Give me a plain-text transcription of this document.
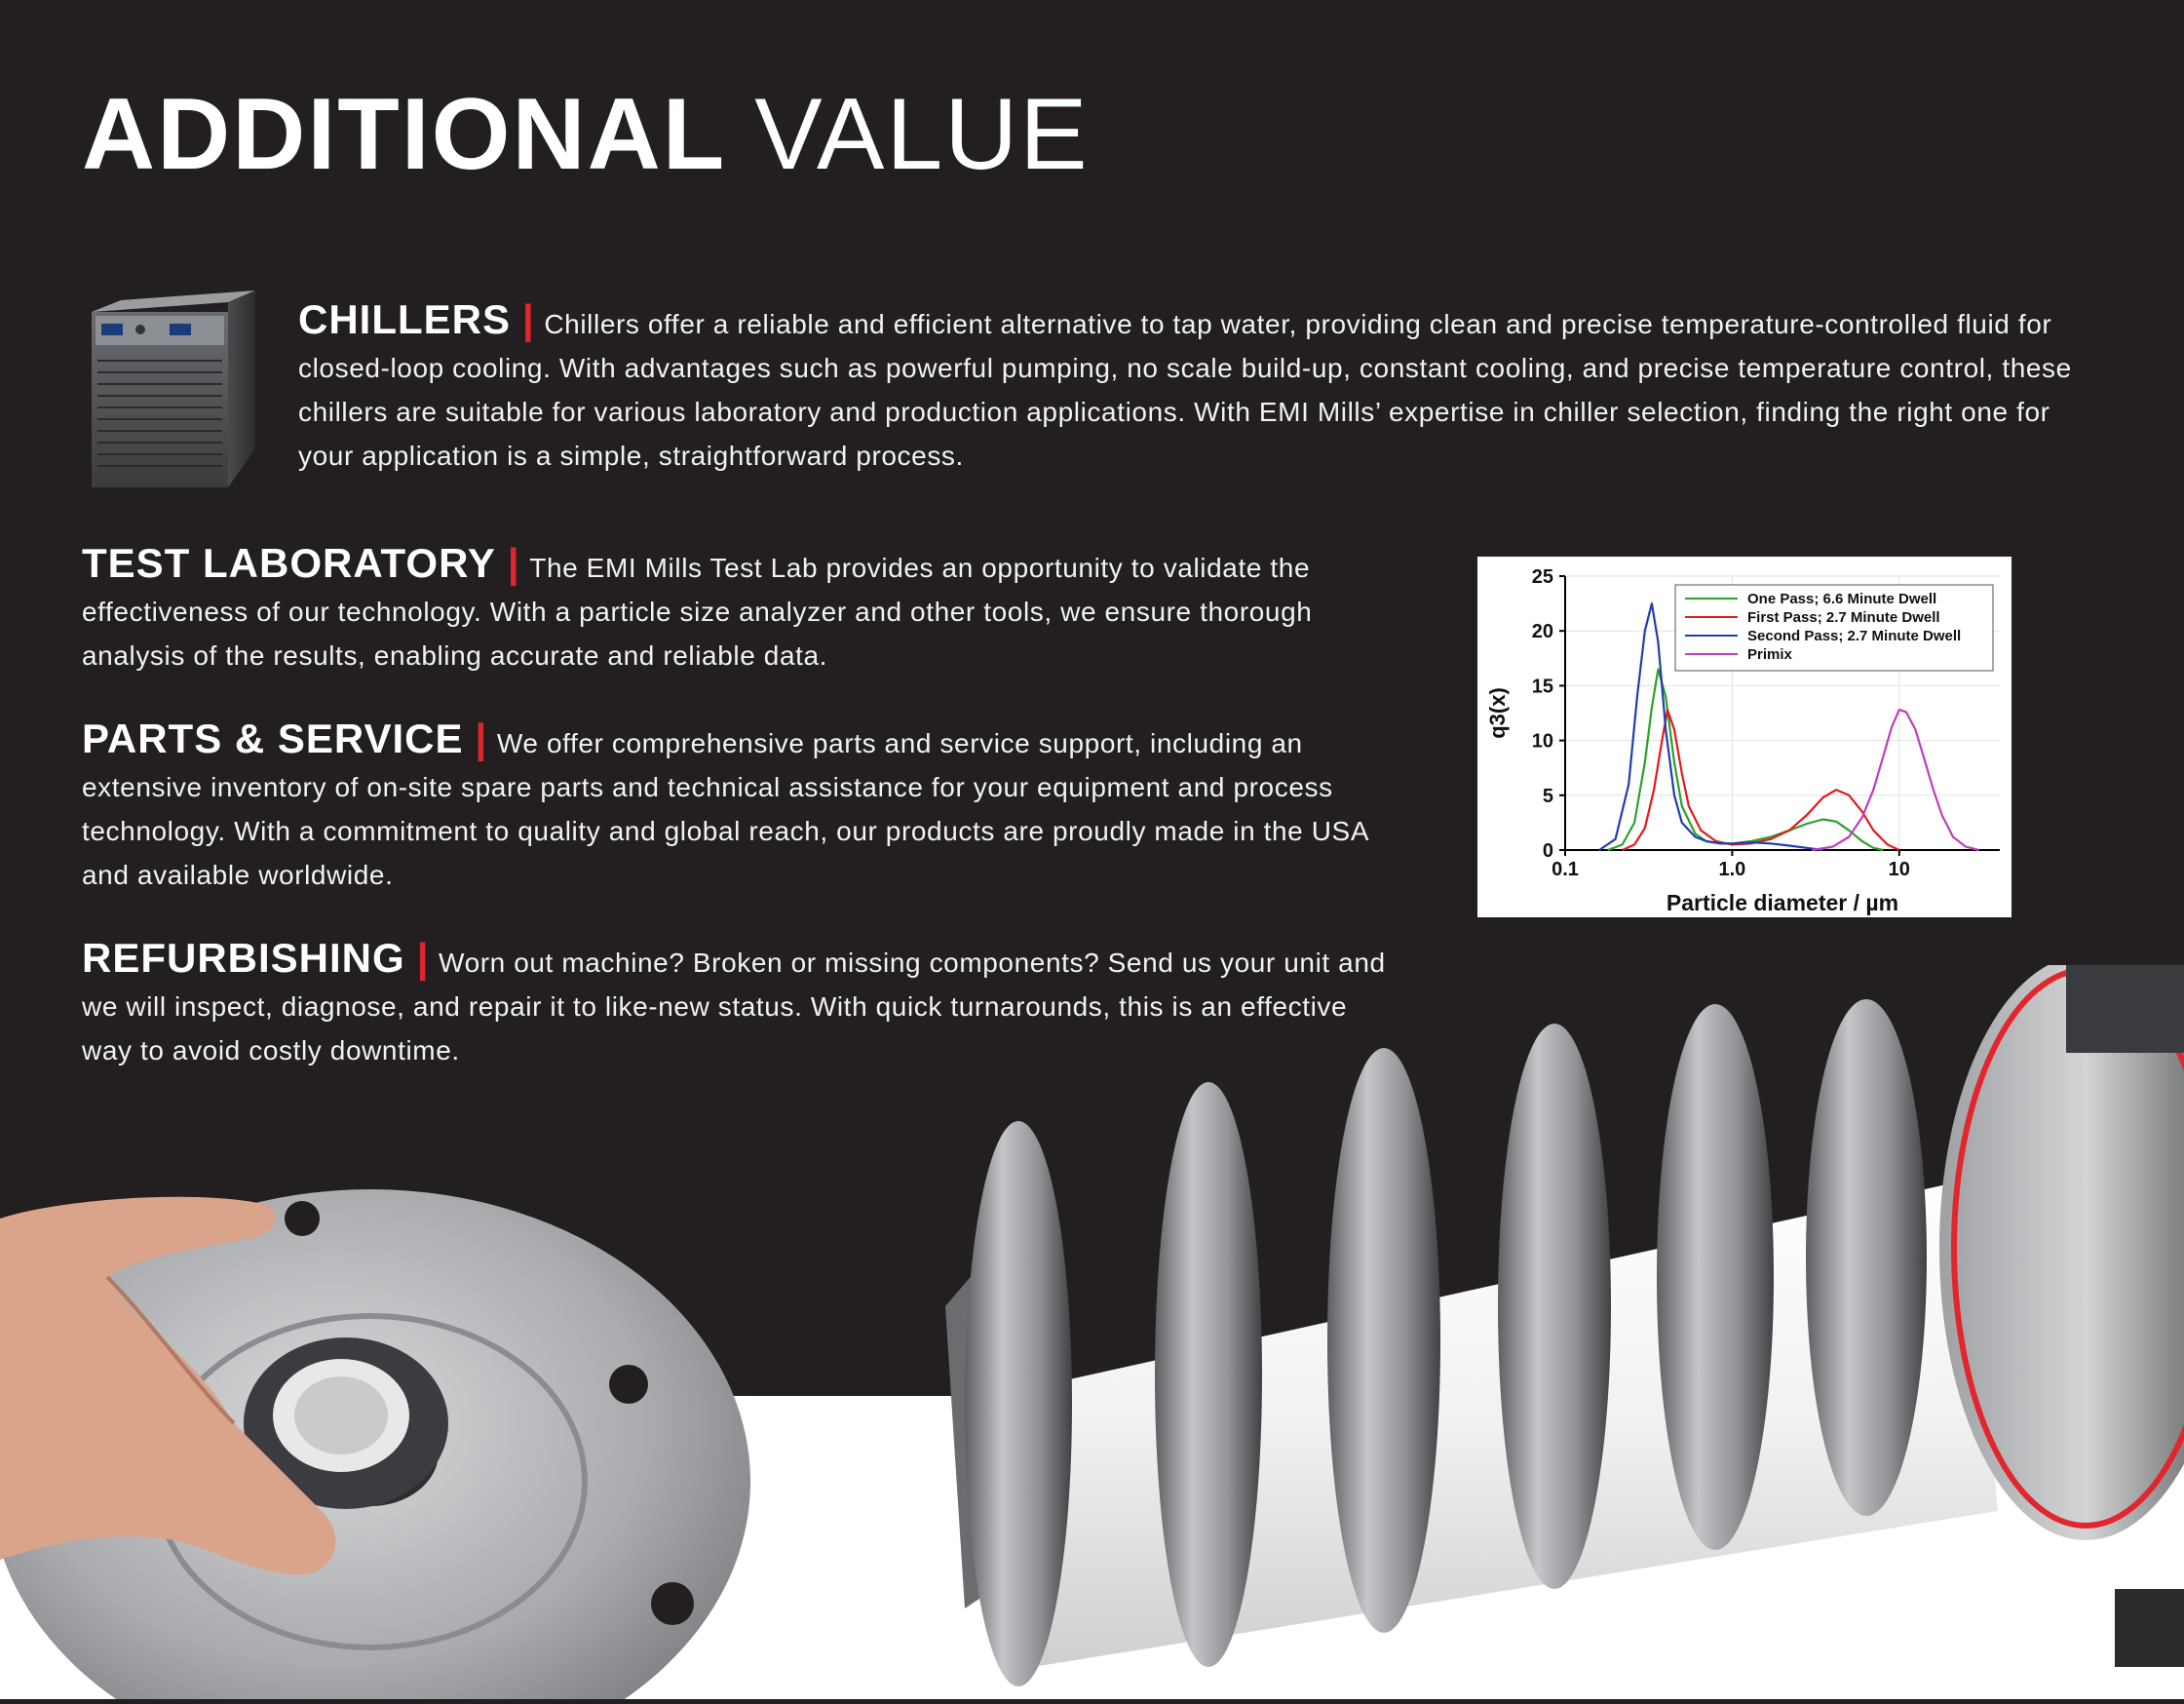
ADDITIONAL VALUE

CHILLERS | Chillers offer a reliable and efficient alternative to tap water, providing clean and precise temperature-controlled fluid for closed-loop cooling. With advantages such as powerful pumping, no scale build-up, constant cooling, and precise temperature control, these chillers are suitable for various laboratory and production applications. With EMI Mills’ expertise in chiller selection, finding the right one for your application is a simple, straightforward process.

TEST LABORATORY | The EMI Mills Test Lab provides an opportunity to validate the effectiveness of our technology. With a particle size analyzer and other tools, we ensure thorough analysis of the results, enabling accurate and reliable data.

PARTS & SERVICE | We offer comprehensive parts and service support, including an extensive inventory of on-site spare parts and technical assistance for your equipment and process technology. With a commitment to quality and global reach, our products are proudly made in the USA and available worldwide.

REFURBISHING | Worn out machine? Broken or missing components? Send us your unit and we will inspect, diagnose, and repair it to like-new status. With quick turnarounds, this is an effective way to avoid costly downtime.

0
5
10
15
20
25
0.1	1.0	10
Particle diameter / µm
q3(x)
One Pass; 6.6 Minute Dwell
First Pass; 2.7 Minute Dwell
Second Pass; 2.7 Minute Dwell
Primix
